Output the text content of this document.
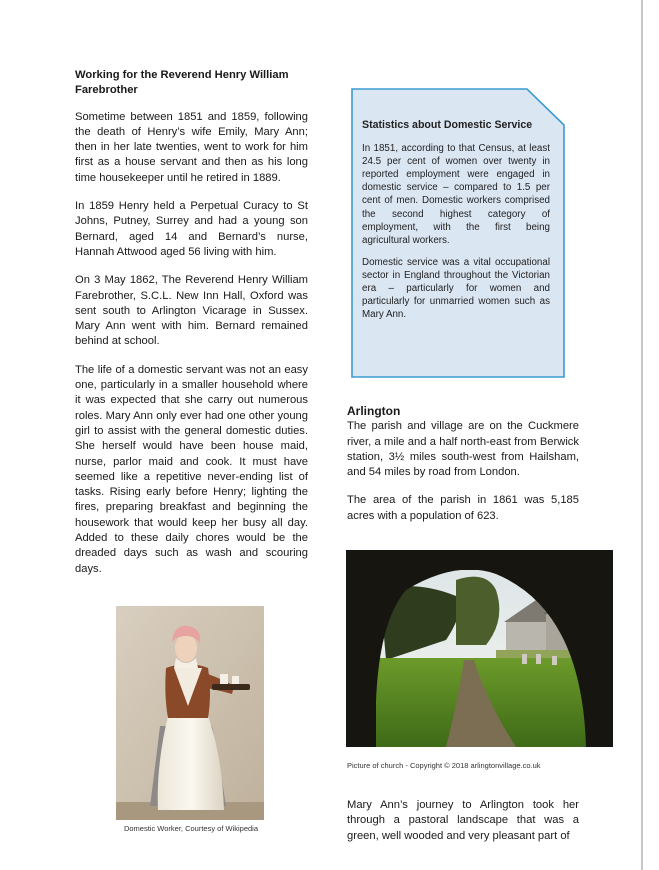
Working for the Reverend Henry William
Farebrother

Sometime between 1851 and 1859, following the death of Henry’s wife Emily, Mary Ann; then in her late twenties, went to work for him first as a house servant and then as his long time housekeeper until he retired in 1889.

In 1859 Henry held a Perpetual Curacy to St Johns, Putney, Surrey and had a young son Bernard, aged 14 and Bernard’s nurse, Hannah Attwood aged 56 living with him.

On 3 May 1862, The Reverend Henry William Farebrother, S.C.L. New Inn Hall, Oxford was sent south to Arlington Vicarage in Sussex. Mary Ann went with him. Bernard remained behind at school.

The life of a domestic servant was not an easy one, particularly in a smaller household where it was expected that she carry out numerous roles. Mary Ann only ever had one other young girl to assist with the general domestic duties. She herself would have been house maid, nurse, parlor maid and cook. It must have seemed like a repetitive never-ending list of tasks. Rising early before Henry; lighting the fires, preparing breakfast and beginning the housework that would keep her busy all day. Added to these daily chores would be the dreaded days such as wash and scouring days.

Domestic Worker, Courtesy of Wikipedia

Statistics about Domestic Service

In 1851, according to that Census, at least 24.5 per cent of women over twenty in reported employment were engaged in domestic service – compared to 1.5 per cent of men. Domestic workers comprised the second highest category of employment, with the first being agricultural workers.

Domestic service was a vital occupational sector in England throughout the Victorian era – particularly for women and particularly for unmarried women such as Mary Ann.

Arlington

The parish and village are on the Cuckmere river, a mile and a half north-east from Berwick station, 3½ miles south-west from Hailsham, and 54 miles by road from London.

The area of the parish in 1861 was 5,185 acres with a population of 623.

Picture of church - Copyright © 2018 arlingtonvillage.co.uk
Mary Ann’s journey to Arlington took her through a pastoral landscape that was a green, well wooded and very pleasant part of
